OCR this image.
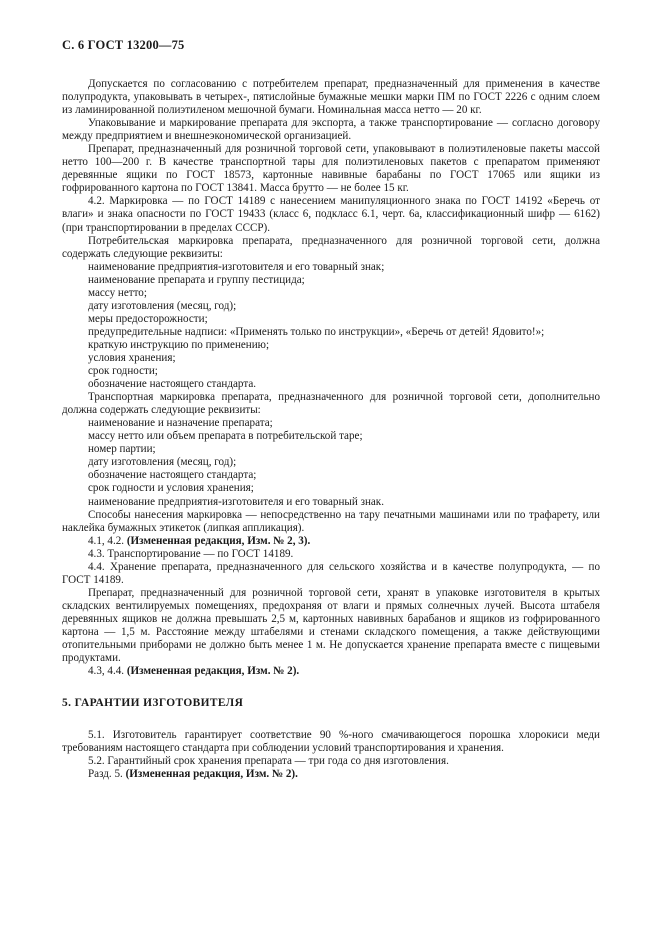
С. 6 ГОСТ 13200—75

Допускается по согласованию с потребителем препарат, предназначенный для применения в качестве полупродукта, упаковывать в четырех-, пятислойные бумажные мешки марки ПМ по ГОСТ 2226 с одним слоем из ламинированной полиэтиленом мешочной бумаги. Номинальная масса нетто — 20 кг.

Упаковывание и маркирование препарата для экспорта, а также транспортирование — согласно договору между предприятием и внешнеэкономической организацией.

Препарат, предназначенный для розничной торговой сети, упаковывают в полиэтиленовые пакеты массой нетто 100—200 г. В качестве транспортной тары для полиэтиленовых пакетов с препаратом применяют деревянные ящики по ГОСТ 18573, картонные навивные барабаны по ГОСТ 17065 или ящики из гофрированного картона по ГОСТ 13841. Масса брутто — не более 15 кг.

4.2. Маркировка — по ГОСТ 14189 с нанесением манипуляционного знака по ГОСТ 14192 «Беречь от влаги» и знака опасности по ГОСТ 19433 (класс 6, подкласс 6.1, черт. 6а, классификационный шифр — 6162) (при транспортировании в пределах СССР).

Потребительская маркировка препарата, предназначенного для розничной торговой сети, должна содержать следующие реквизиты:

наименование предприятия-изготовителя и его товарный знак;

наименование препарата и группу пестицида;

массу нетто;

дату изготовления (месяц, год);

меры предосторожности;

предупредительные надписи: «Применять только по инструкции», «Беречь от детей! Ядовито!»;

краткую инструкцию по применению;

условия хранения;

срок годности;

обозначение настоящего стандарта.

Транспортная маркировка препарата, предназначенного для розничной торговой сети, дополнительно должна содержать следующие реквизиты:

наименование и назначение препарата;

массу нетто или объем препарата в потребительской таре;

номер партии;

дату изготовления (месяц, год);

обозначение настоящего стандарта;

срок годности и условия хранения;

наименование предприятия-изготовителя и его товарный знак.

Способы нанесения маркировка — непосредственно на тару печатными машинами или по трафарету, или наклейка бумажных этикеток (липкая аппликация).

4.1, 4.2. (Измененная редакция, Изм. № 2, 3).

4.3. Транспортирование — по ГОСТ 14189.

4.4. Хранение препарата, предназначенного для сельского хозяйства и в качестве полупродукта, — по ГОСТ 14189.

Препарат, предназначенный для розничной торговой сети, хранят в упаковке изготовителя в крытых складских вентилируемых помещениях, предохраняя от влаги и прямых солнечных лучей. Высота штабеля деревянных ящиков не должна превышать 2,5 м, картонных навивных барабанов и ящиков из гофрированного картона — 1,5 м. Расстояние между штабелями и стенами складского помещения, а также действующими отопительными приборами не должно быть менее 1 м. Не допускается хранение препарата вместе с пищевыми продуктами.

4.3, 4.4. (Измененная редакция, Изм. № 2).

5. ГАРАНТИИ ИЗГОТОВИТЕЛЯ

5.1. Изготовитель гарантирует соответствие 90 %-ного смачивающегося порошка хлорокиси меди требованиям настоящего стандарта при соблюдении условий транспортирования и хранения.

5.2. Гарантийный срок хранения препарата — три года со дня изготовления.

Разд. 5. (Измененная редакция, Изм. № 2).
